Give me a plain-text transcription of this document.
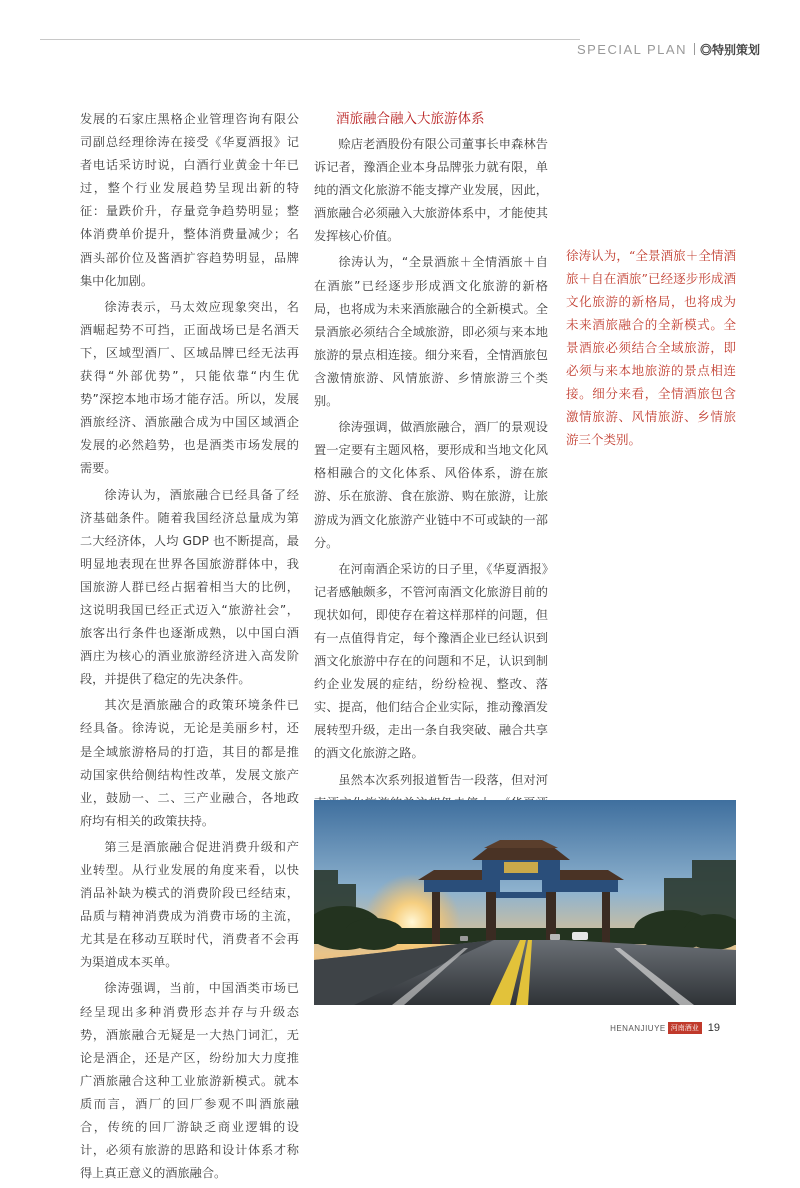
SPECIAL PLAN ◎特别策划

发展的石家庄黑格企业管理咨询有限公司副总经理徐涛在接受《华夏酒报》记者电话采访时说，白酒行业黄金十年已过，整个行业发展趋势呈现出新的特征：量跌价升，存量竞争趋势明显；整体消费单价提升，整体消费量减少；名酒头部价位及酱酒扩容趋势明显，品牌集中化加剧。

徐涛表示，马太效应现象突出，名酒崛起势不可挡，正面战场已是名酒天下，区域型酒厂、区域品牌已经无法再获得“外部优势”，只能依靠“内生优势”深挖本地市场才能存活。所以，发展酒旅经济、酒旅融合成为中国区域酒企发展的必然趋势，也是酒类市场发展的需要。

徐涛认为，酒旅融合已经具备了经济基础条件。随着我国经济总量成为第二大经济体，人均 GDP 也不断提高，最明显地表现在世界各国旅游群体中，我国旅游人群已经占据着相当大的比例，这说明我国已经正式迈入“旅游社会”，旅客出行条件也逐渐成熟，以中国白酒酒庄为核心的酒业旅游经济进入高发阶段，并提供了稳定的先决条件。

其次是酒旅融合的政策环境条件已经具备。徐涛说，无论是美丽乡村，还是全域旅游格局的打造，其目的都是推动国家供给侧结构性改革，发展文旅产业，鼓励一、二、三产业融合，各地政府均有相关的政策扶持。

第三是酒旅融合促进消费升级和产业转型。从行业发展的角度来看，以快消品补缺为模式的消费阶段已经结束，品质与精神消费成为消费市场的主流，尤其是在移动互联时代，消费者不会再为渠道成本买单。

徐涛强调，当前，中国酒类市场已经呈现出多种消费形态并存与升级态势，酒旅融合无疑是一大热门词汇，无论是酒企，还是产区，纷纷加大力度推广酒旅融合这种工业旅游新模式。就本质而言，酒厂的回厂参观不叫酒旅融合，传统的回厂游缺乏商业逻辑的设计，必须有旅游的思路和设计体系才称得上真正意义的酒旅融合。

酒旅融合融入大旅游体系

赊店老酒股份有限公司董事长申森林告诉记者，豫酒企业本身品牌张力就有限，单纯的酒文化旅游不能支撑产业发展，因此，酒旅融合必须融入大旅游体系中，才能使其发挥核心价值。

徐涛认为，“全景酒旅＋全情酒旅＋自在酒旅”已经逐步形成酒文化旅游的新格局，也将成为未来酒旅融合的全新模式。全景酒旅必须结合全域旅游，即必须与来本地旅游的景点相连接。细分来看，全情酒旅包含激情旅游、风情旅游、乡情旅游三个类别。

徐涛强调，做酒旅融合，酒厂的景观设置一定要有主题风格，要形成和当地文化风格相融合的文化体系、风俗体系，游在旅游、乐在旅游、食在旅游、购在旅游，让旅游成为酒文化旅游产业链中不可或缺的一部分。

在河南酒企采访的日子里，《华夏酒报》记者感触颇多，不管河南酒文化旅游目前的现状如何，即使存在着这样那样的问题，但有一点值得肯定，每个豫酒企业已经认识到酒文化旅游中存在的问题和不足，认识到制约企业发展的症结，纷纷检视、整改、落实、提高，他们结合企业实际，推动豫酒发展转型升级，走出一条自我突破、融合共享的酒文化旅游之路。

虽然本次系列报道暂告一段落，但对河

徐涛认为，“全景酒旅＋全情酒旅＋自在酒旅”已经逐步形成酒文化旅游的新格局，也将成为未来酒旅融合的全新模式。全景酒旅必须结合全域旅游，即必须与来本地旅游的景点相连接。细分来看，全情酒旅包含激情旅游、风情旅游、乡情旅游三个类别。
HENANJIUYE 河南酒业 19
